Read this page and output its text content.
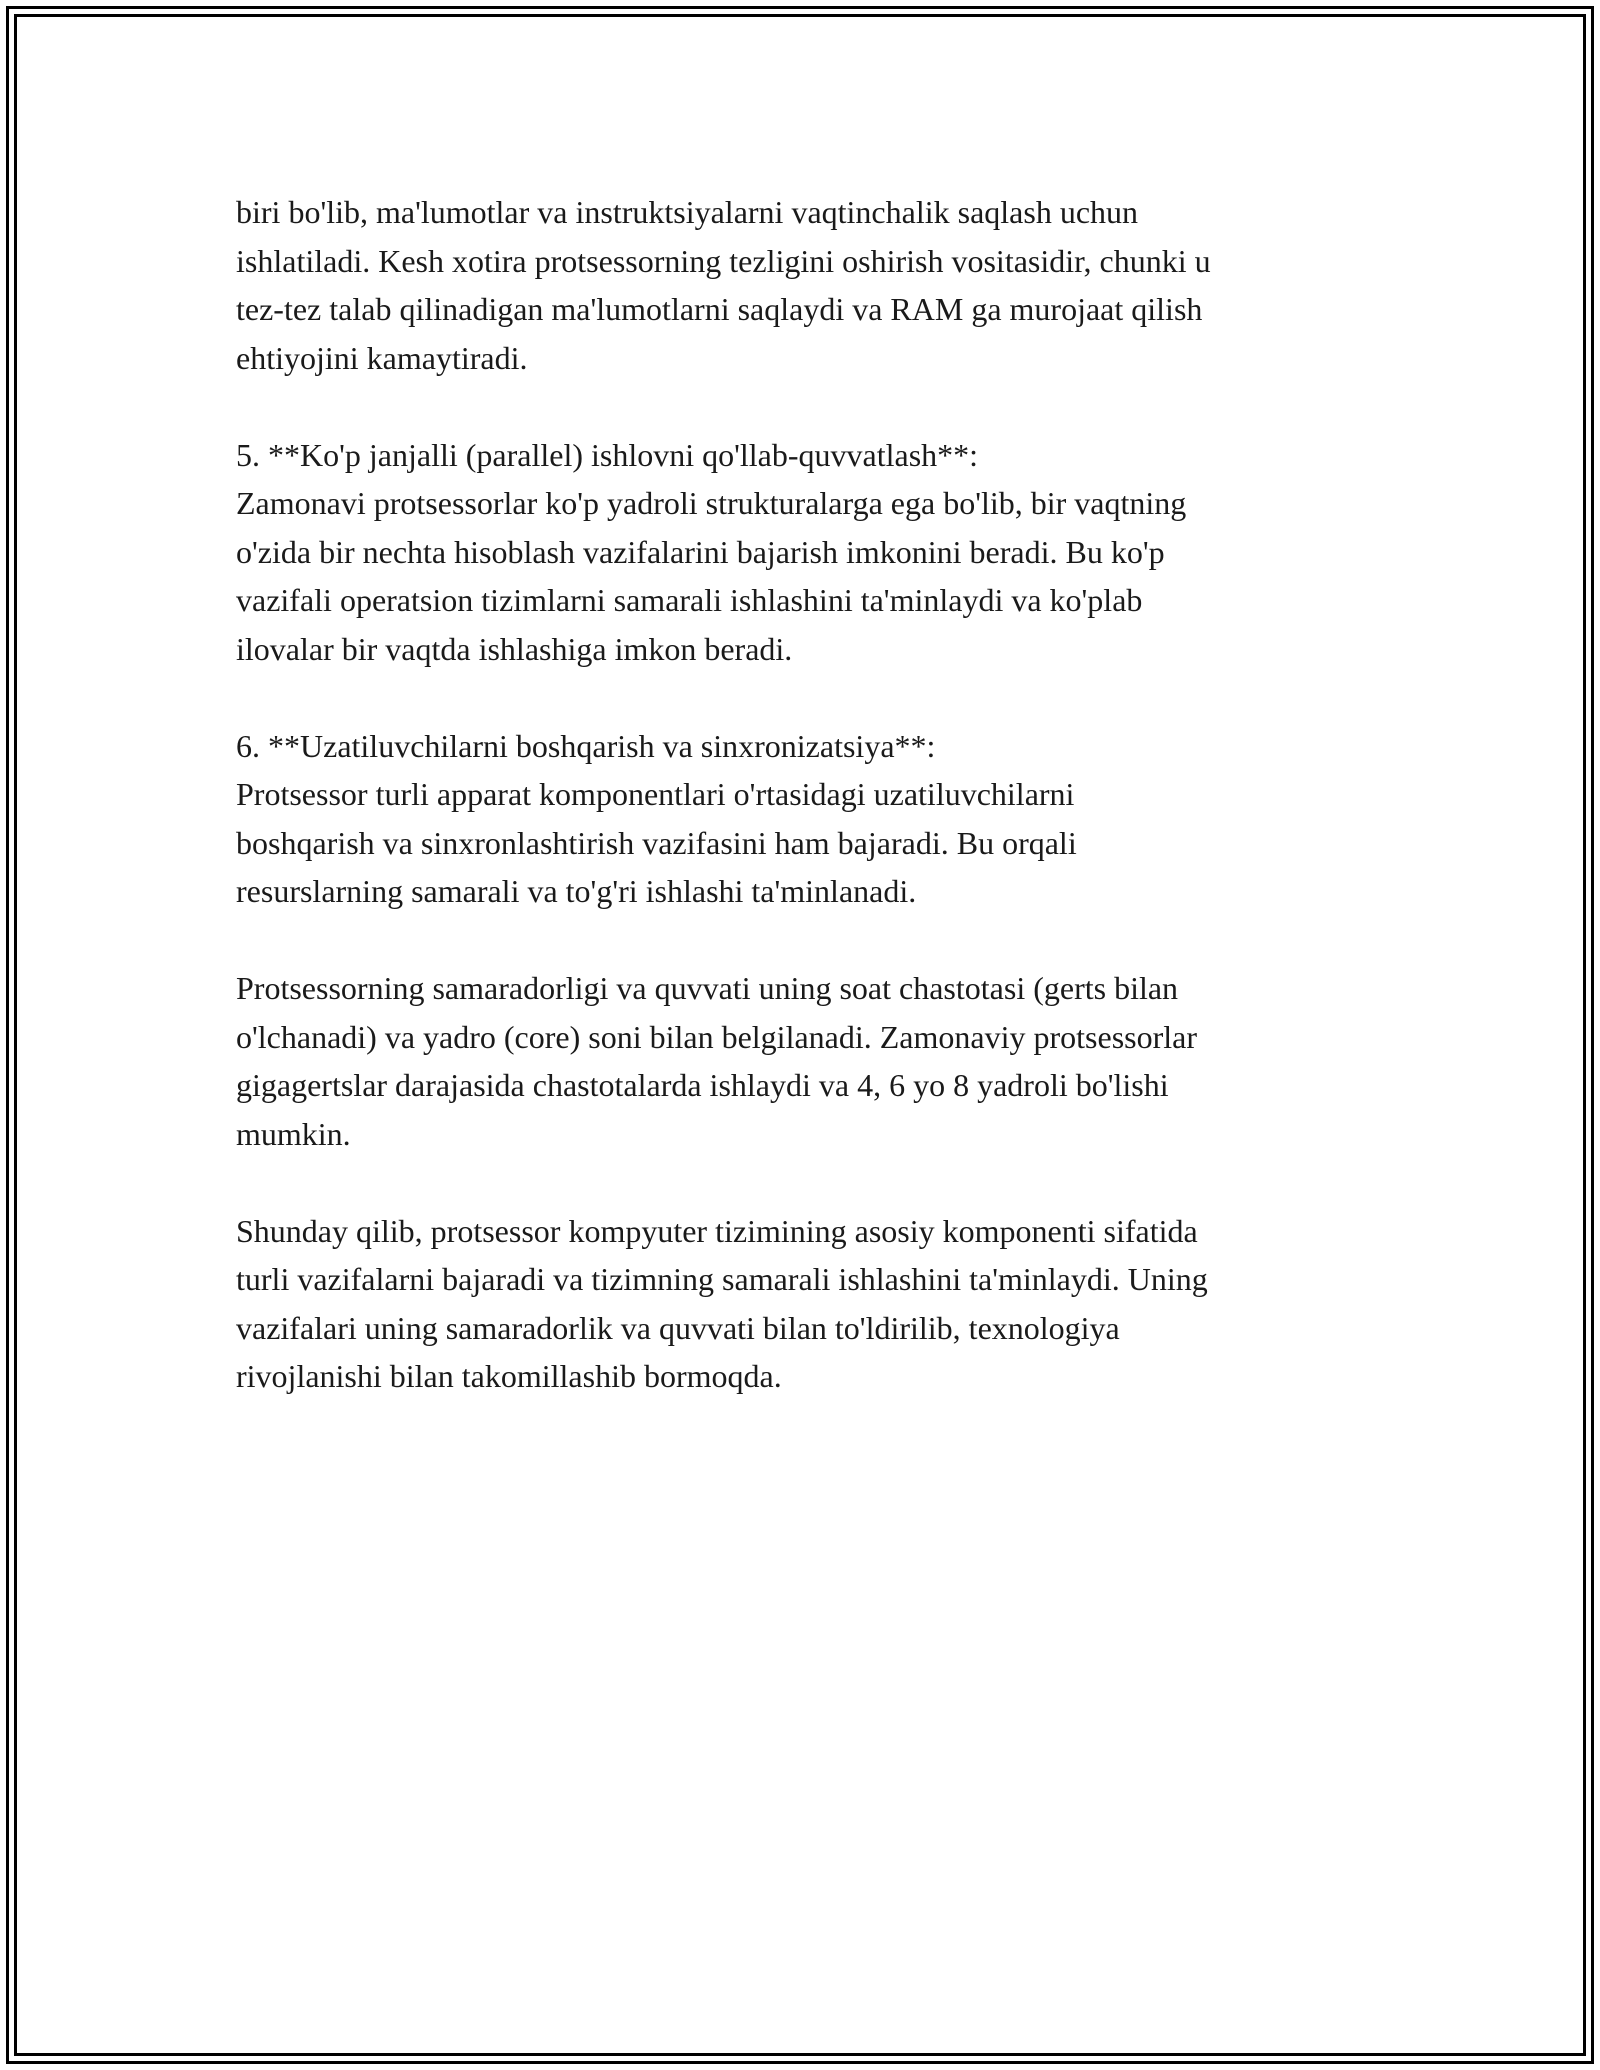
biri bo'lib, ma'lumotlar va instruktsiyalarni vaqtinchalik saqlash uchun
ishlatiladi. Kesh xotira protsessorning tezligini oshirish vositasidir, chunki u
tez-tez talab qilinadigan ma'lumotlarni saqlaydi va RAM ga murojaat qilish
ehtiyojini kamaytiradi.

5. **Ko'p janjalli (parallel) ishlovni qo'llab-quvvatlash**:
Zamonavi protsessorlar ko'p yadroli strukturalarga ega bo'lib, bir vaqtning
o'zida bir nechta hisoblash vazifalarini bajarish imkonini beradi. Bu ko'p
vazifali operatsion tizimlarni samarali ishlashini ta'minlaydi va ko'plab
ilovalar bir vaqtda ishlashiga imkon beradi.

6. **Uzatiluvchilarni boshqarish va sinxronizatsiya**:
Protsessor turli apparat komponentlari o'rtasidagi uzatiluvchilarni
boshqarish va sinxronlashtirish vazifasini ham bajaradi. Bu orqali
resurslarning samarali va to'g'ri ishlashi ta'minlanadi.

Protsessorning samaradorligi va quvvati uning soat chastotasi (gerts bilan
o'lchanadi) va yadro (core) soni bilan belgilanadi. Zamonaviy protsessorlar
gigagertslar darajasida chastotalarda ishlaydi va 4, 6 yo 8 yadroli bo'lishi
mumkin.

Shunday qilib, protsessor kompyuter tizimining asosiy komponenti sifatida
turli vazifalarni bajaradi va tizimning samarali ishlashini ta'minlaydi. Uning
vazifalari uning samaradorlik va quvvati bilan to'ldirilib, texnologiya
rivojlanishi bilan takomillashib bormoqda.
